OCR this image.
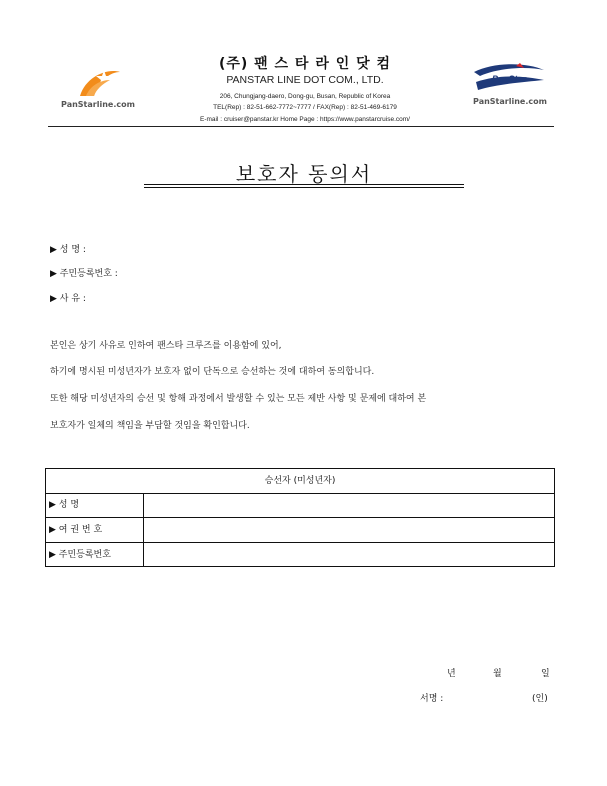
PanStarline.com
(주) 팬 스 타 라 인 닷 컴
PANSTAR LINE DOT COM., LTD.
206, Chungjang-daero, Dong-gu, Busan, Republic of Korea
TEL(Rep) : 82-51-662-7772~7777 / FAX(Rep) : 82-51-469-6179
E-mail : cruiser@panstar.kr Home Page : https://www.panstarcruise.com/
PanStar
PanStarline.com
보호자 동의서
▶ 성 명 :
▶ 주민등록번호 :
▶ 사 유 :
본인은 상기 사유로 인하여 팬스타 크루즈를 이용함에 있어,
하기에 명시된 미성년자가 보호자 없이 단독으로 승선하는 것에 대하여 동의합니다.
또한 해당 미성년자의 승선 및 항해 과정에서 발생할 수 있는 모든 제반 사항 및 문제에 대하여 본
보호자가 일체의 책임을 부담할 것임을 확인합니다.
승선자 (미성년자)
▶ 성 명
▶ 여 권 번 호
▶ 주민등록번호
년	월	일
서명 :	(인)
